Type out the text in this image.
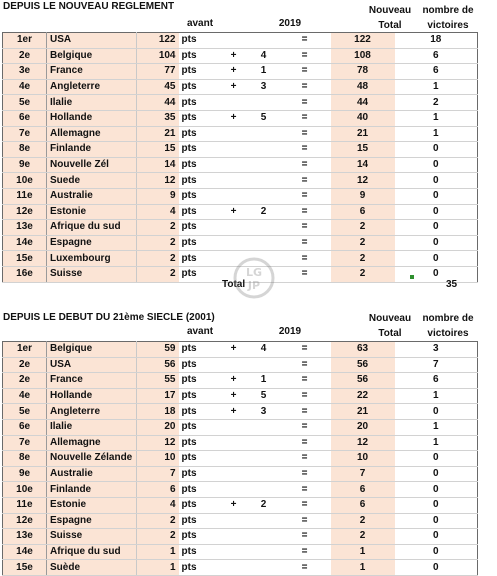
DEPUIS LE NOUVEAU REGLEMENT	Nouveau	nombre de
avant	2019	Total	victoires
1er	USA	122	pts			=	122	18
2e	Belgique	104	pts	+	4	=	108	6
3e	France	77	pts	+	1	=	78	6
4e	Angleterre	45	pts	+	3	=	48	1
5e	Ilalie	44	pts			=	44	2
6e	Hollande	35	pts	+	5	=	40	1
7e	Allemagne	21	pts			=	21	1
8e	Finlande	15	pts			=	15	0
9e	Nouvelle Zél	14	pts			=	14	0
10e	Suede	12	pts			=	12	0
11e	Australie	9	pts			=	9	0
12e	Estonie	4	pts	+	2	=	6	0
13e	Afrique du sud	2	pts			=	2	0
14e	Espagne	2	pts			=	2	0
15e	Luxembourg	2	pts			=	2	0
16e	Suisse	2	pts			=	2	0
Total	35
LG
JP
DEPUIS LE DEBUT DU 21ème SIECLE (2001)	Nouveau	nombre de
avant	2019	Total	victoires
1er	Belgique	59	pts	+	4	=	63	3
2e	USA	56	pts			=	56	7
2e	France	55	pts	+	1	=	56	6
4e	Hollande	17	pts	+	5	=	22	1
5e	Angleterre	18	pts	+	3	=	21	0
6e	Ilalie	20	pts			=	20	1
7e	Allemagne	12	pts			=	12	1
8e	Nouvelle Zélande	10	pts			=	10	0
9e	Australie	7	pts			=	7	0
10e	Finlande	6	pts			=	6	0
11e	Estonie	4	pts	+	2	=	6	0
12e	Espagne	2	pts			=	2	0
13e	Suisse	2	pts			=	2	0
14e	Afrique du sud	1	pts			=	1	0
15e	Suède	1	pts			=	1	0
